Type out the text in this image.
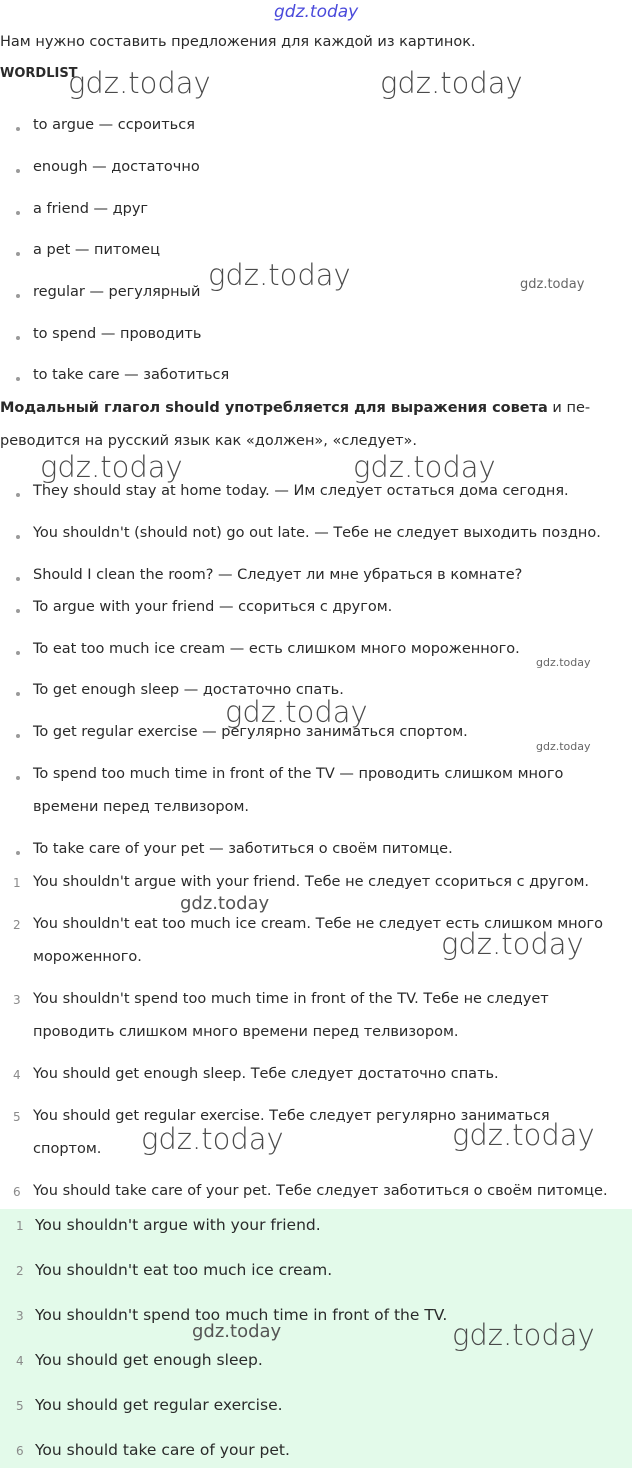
gdz.today
Нам нужно составить предложения для каждой из картинок.
WORDLIST
to argue — ссроиться
enough — достаточно
a friend — друг
a pet — питомец
regular — регулярный
to spend — проводить
to take care — заботиться
Модальный глагол should употребляется для выражения совета и пе-
реводится на русский язык как «должен», «следует».
They should stay at home today. — Им следует остаться дома сегодня.
You shouldn't (should not) go out late. — Тебе не следует выходить поздно.
Should I clean the room? — Следует ли мне убраться в комнате?
To argue with your friend — ссориться с другом.
To eat too much ice cream — есть слишком много мороженного.
To get enough sleep — достаточно спать.
To get regular exercise — регулярно заниматься спортом.
To spend too much time in front of the TV — проводить слишком много
времени перед телвизором.
To take care of your pet — заботиться о своём питомце.
1 You shouldn't argue with your friend. Тебе не следует ссориться с другом.
2 You shouldn't eat too much ice cream. Тебе не следует есть слишком много
мороженного.
3 You shouldn't spend too much time in front of the TV. Тебе не следует
проводить слишком много времени перед телвизором.
4 You should get enough sleep. Тебе следует достаточно спать.
5 You should get regular exercise. Тебе следует регулярно заниматься
спортом.
6 You should take care of your pet. Тебе следует заботиться о своём питомце.
1 You shouldn't argue with your friend.
2 You shouldn't eat too much ice cream.
3 You shouldn't spend too much time in front of the TV.
4 You should get enough sleep.
5 You should get regular exercise.
6 You should take care of your pet.
gdz.today	gdz.today
gdz.today	gdz.today
gdz.today	gdz.today
gdz.today
gdz.today
gdz.today
gdz.today
gdz.today
gdz.today	gdz.today
gdz.today	gdz.today
